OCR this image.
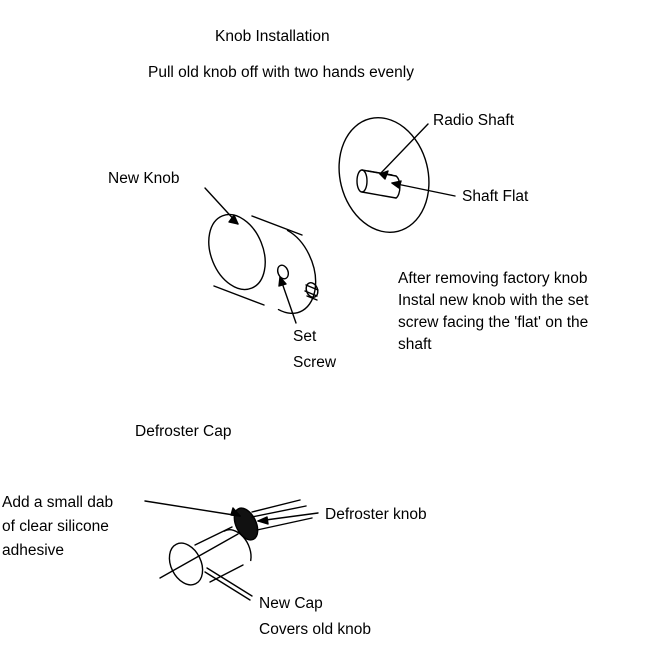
Knob Installation
Pull old knob off with two hands evenly
Radio Shaft
Shaft Flat
New Knob
Set
Screw
After removing factory knob
Instal new knob with the set
screw facing the 'flat' on the
shaft
Defroster Cap
Add a small dab
of clear silicone
adhesive
Defroster knob
New Cap
Covers old knob
